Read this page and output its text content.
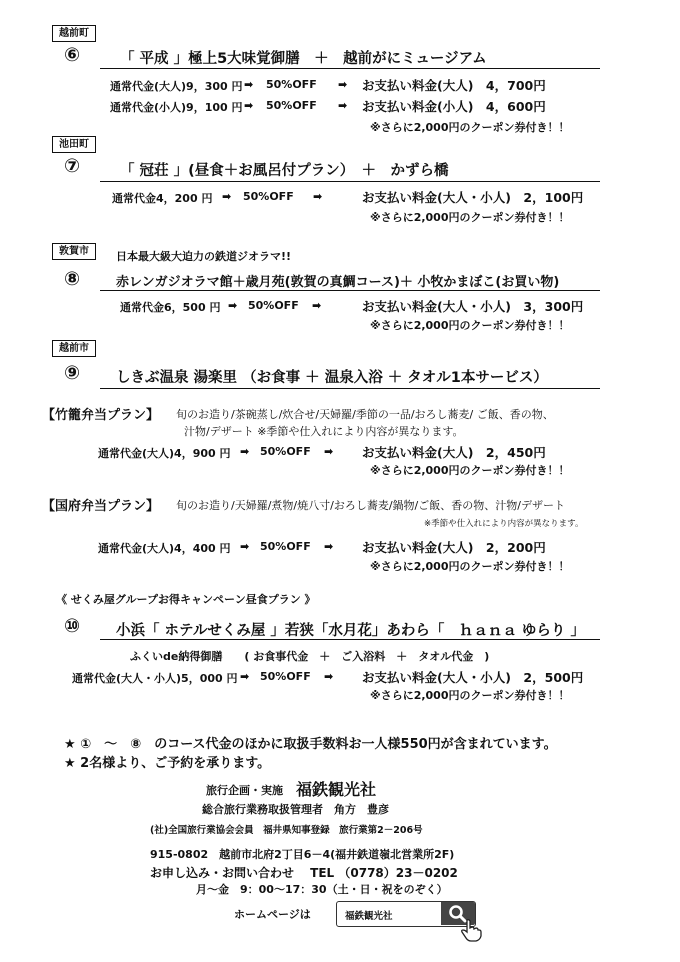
越前町
⑥	「 平成 」極上5大味覚御膳　＋　越前がにミュージアム
通常代金(大人)9，300 円 ➡ 50%OFF ➡ お支払い料金(大人)　4，700円
通常代金(小人)9，100 円 ➡ 50%OFF ➡ お支払い料金(小人)　4，600円
※さらに2,000円のクーポン券付き！！
池田町
⑦	「 冠荘 」(昼食＋お風呂付プラン）　＋　かずら橋
通常代金4，200 円 ➡ 50%OFF ➡	お支払い料金(大人・小人)　2，100円
※さらに2,000円のクーポン券付き！！
敦賀市	日本最大級大迫力の鉄道ジオラマ!!
⑧	赤レンガジオラマ館＋歳月苑(敦賀の真鯛コース)＋ 小牧かまぼこ(お買い物)
通常代金6，500 円 ➡ 50%OFF ➡	お支払い料金(大人・小人)　3，300円
※さらに2,000円のクーポン券付き！！
越前市
⑨ しきぶ温泉 湯楽里 （お食事 ＋ 温泉入浴 ＋ タオル1本サービス）
【竹籠弁当プラン】 旬のお造り/茶碗蒸し/炊合せ/天婦羅/季節の一品/おろし蕎麦/ ご飯、香の物、
汁物/デザート ※季節や仕入れにより内容が異なります。
通常代金(大人)4，900 円 ➡ 50%OFF ➡ お支払い料金(大人)　2，450円
※さらに2,000円のクーポン券付き！！
【国府弁当プラン】 旬のお造り/天婦羅/煮物/焼八寸/おろし蕎麦/鍋物/ご飯、香の物、汁物/デザート
※季節や仕入れにより内容が異なります。
通常代金(大人)4，400 円 ➡ 50%OFF ➡ お支払い料金(大人)　2，200円
※さらに2,000円のクーポン券付き！！
《 せくみ屋グループお得キャンペーン昼食プラン 》
⑩ 小浜「 ホテルせくみ屋 」若狭「水月花」あわら「　ｈａｎａ ゆらり 」
ふくいde納得御膳　　( お食事代金　＋　ご入浴料　＋　タオル代金　)
通常代金(大人・小人)5，000 円 ➡ 50%OFF ➡ お支払い料金(大人・小人)　2，500円
※さらに2,000円のクーポン券付き！！
★ ①　～　⑧　のコース代金のほかに取扱手数料お一人様550円が含まれています。
★ 2名様より、ご予約を承ります。
旅行企画・実施 福鉄観光社
総合旅行業務取扱管理者　角方　豊彦
(社)全国旅行業協会会員　福井県知事登録　旅行業第2－206号
915-0802　越前市北府2丁目6－4(福井鉄道嶺北営業所2F)
お申し込み・お問い合わせ　 TEL （0778）23－0202
月～金　9：00～17：30（土・日・祝をのぞく）
ホームページは	福鉄観光社
